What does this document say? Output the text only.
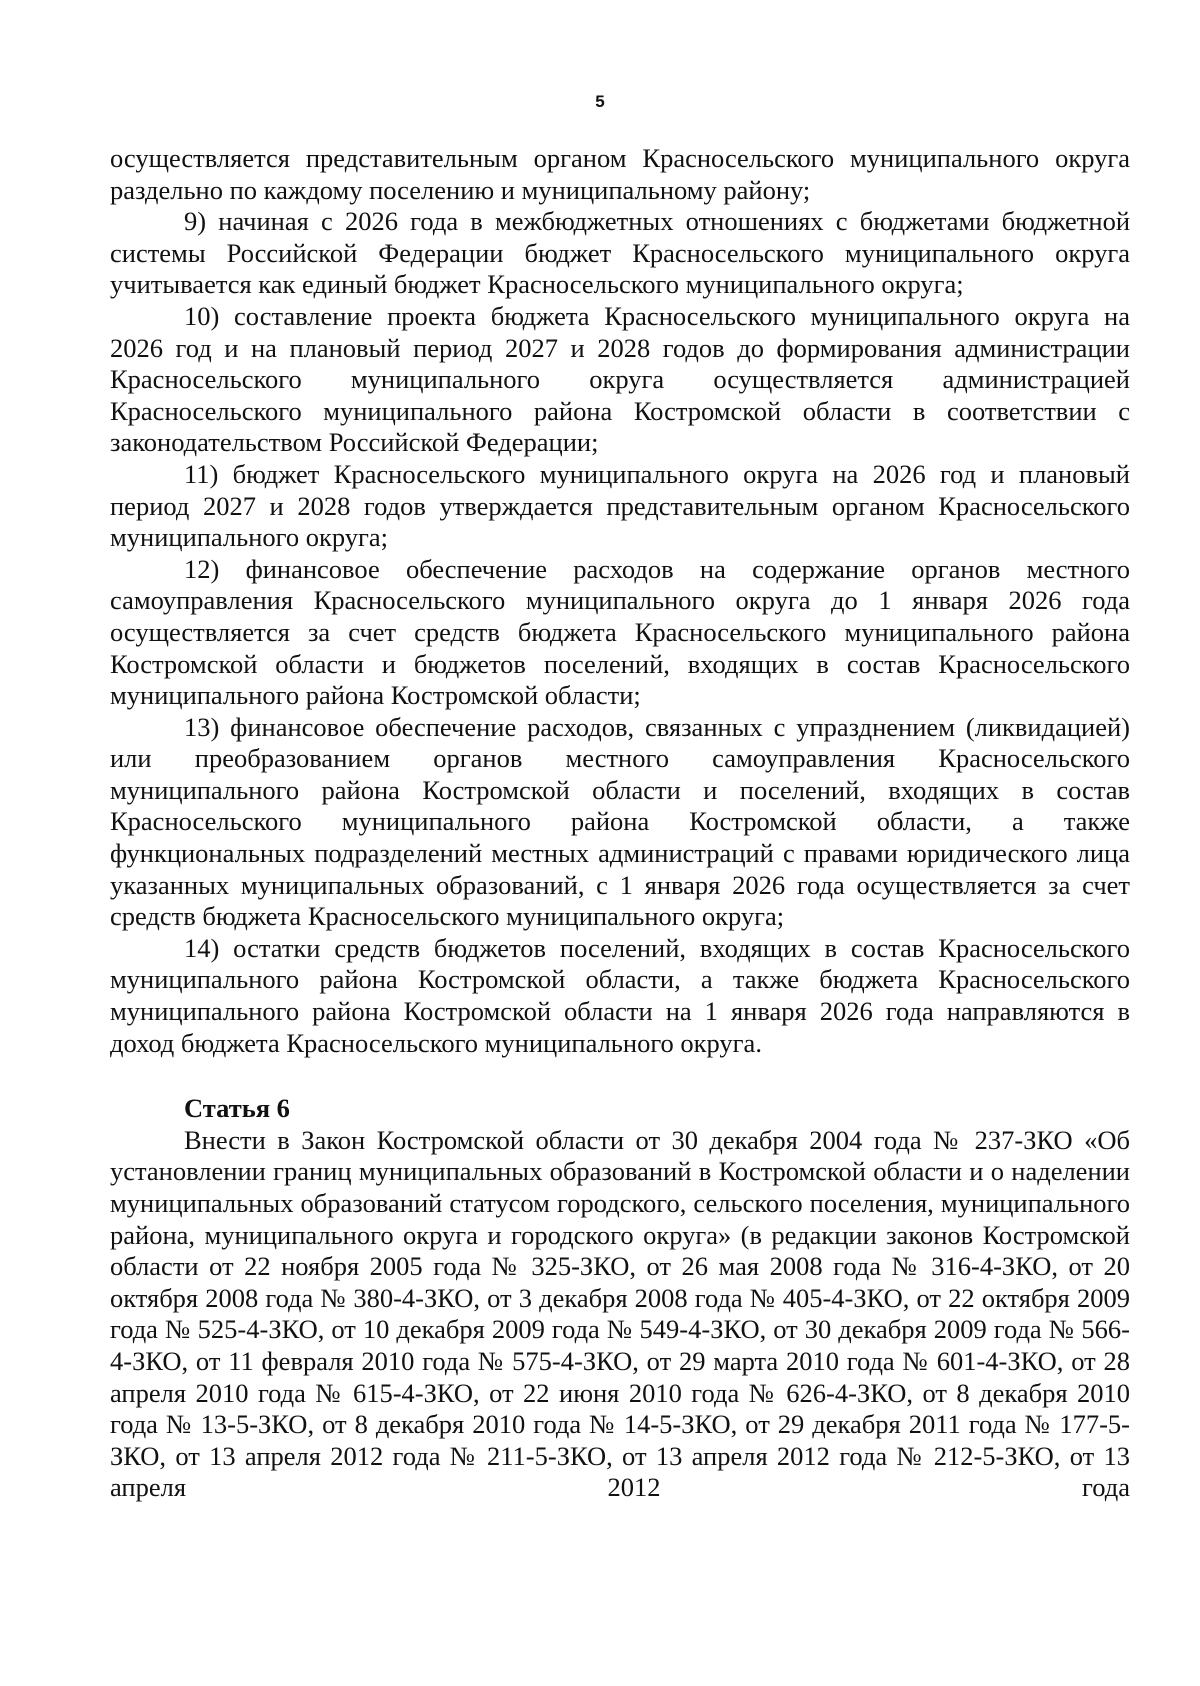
5

осуществляется представительным органом Красносельского муниципального округа раздельно по каждому поселению и муниципальному району;

9) начиная с 2026 года в межбюджетных отношениях с бюджетами бюджетной системы Российской Федерации бюджет Красносельского муниципального округа учитывается как единый бюджет Красносельского муниципального округа;

10) составление проекта бюджета Красносельского муниципального округа на 2026 год и на плановый период 2027 и 2028 годов до формирования администрации Красносельского муниципального округа осуществляется администрацией Красносельского муниципального района Костромской области в соответствии с законодательством Российской Федерации;

11) бюджет Красносельского муниципального округа на 2026 год и плановый период 2027 и 2028 годов утверждается представительным органом Красносельского муниципального округа;

12) финансовое обеспечение расходов на содержание органов местного самоуправления Красносельского муниципального округа до 1 января 2026 года осуществляется за счет средств бюджета Красносельского муниципального района Костромской области и бюджетов поселений, входящих в состав Красносельского муниципального района Костромской области;

13) финансовое обеспечение расходов, связанных с упразднением (ликвидацией) или преобразованием органов местного самоуправления Красносельского муниципального района Костромской области и поселений, входящих в состав Красносельского муниципального района Костромской области, а также функциональных подразделений местных администраций с правами юридического лица указанных муниципальных образований, с 1 января 2026 года осуществляется за счет средств бюджета Красносельского муниципального округа;

14) остатки средств бюджетов поселений, входящих в состав Красносельского муниципального района Костромской области, а также бюджета Красносельского муниципального района Костромской области на 1 января 2026 года направляются в доход бюджета Красносельского муниципального округа.

Статья 6

Внести в Закон Костромской области от 30 декабря 2004 года № 237-ЗКО «Об установлении границ муниципальных образований в Костромской области и о наделении муниципальных образований статусом городского, сельского поселения, муниципального района, муниципального округа и городского округа» (в редакции законов Костромской области от 22 ноября 2005 года № 325-ЗКО, от 26 мая 2008 года № 316-4-ЗКО, от 20 октября 2008 года № 380-4-ЗКО, от 3 декабря 2008 года № 405-4-ЗКО, от 22 октября 2009 года № 525-4-ЗКО, от 10 декабря 2009 года № 549-4-ЗКО, от 30 декабря 2009 года № 566-4-ЗКО, от 11 февраля 2010 года № 575-4-ЗКО, от 29 марта 2010 года № 601-4-ЗКО, от 28 апреля 2010 года № 615-4-ЗКО, от 22 июня 2010 года № 626-4-ЗКО, от 8 декабря 2010 года № 13-5-ЗКО, от 8 декабря 2010 года № 14-5-ЗКО, от 29 декабря 2011 года № 177-5-ЗКО, от 13 апреля 2012 года № 211-5-ЗКО, от 13 апреля 2012 года № 212-5-ЗКО, от 13 апреля 2012 года
